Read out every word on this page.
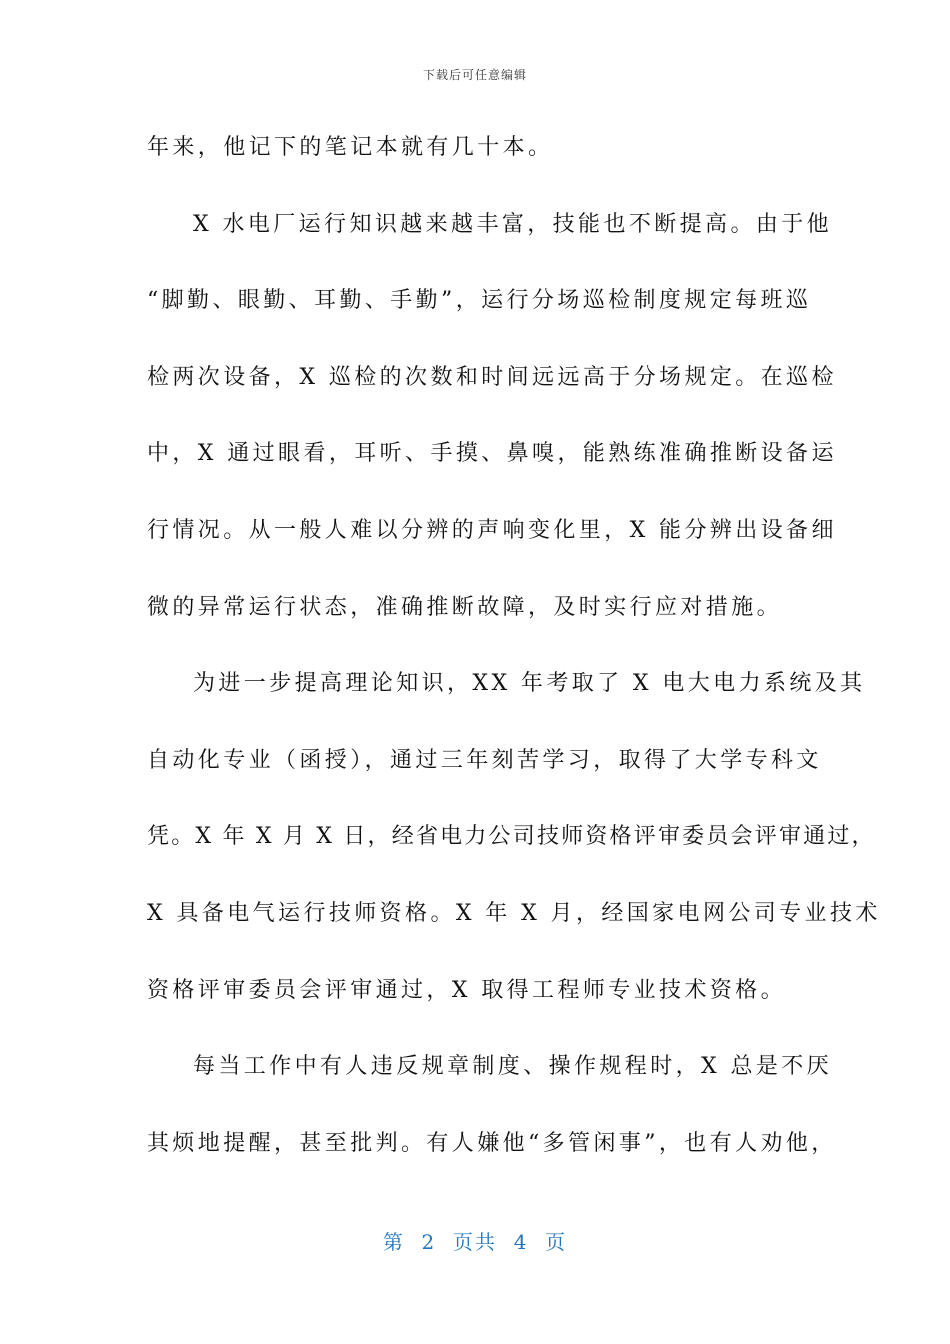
下载后可任意编辑
年来，他记下的笔记本就有几十本。
X 水电厂运行知识越来越丰富，技能也不断提高。由于他
“脚勤、眼勤、耳勤、手勤”，运行分场巡检制度规定每班巡
检两次设备，X 巡检的次数和时间远远高于分场规定。在巡检
中，X 通过眼看，耳听、手摸、鼻嗅，能熟练准确推断设备运
行情况。从一般人难以分辨的声响变化里，X 能分辨出设备细
微的异常运行状态，准确推断故障，及时实行应对措施。
为进一步提高理论知识，XX 年考取了 X 电大电力系统及其
自动化专业（函授），通过三年刻苦学习，取得了大学专科文
凭。X 年 X 月 X 日，经省电力公司技师资格评审委员会评审通过，
X 具备电气运行技师资格。X 年 X 月，经国家电网公司专业技术
资格评审委员会评审通过，X 取得工程师专业技术资格。
每当工作中有人违反规章制度、操作规程时，X 总是不厌
其烦地提醒，甚至批判。有人嫌他“多管闲事”，也有人劝他，
第  2  页共  4  页
